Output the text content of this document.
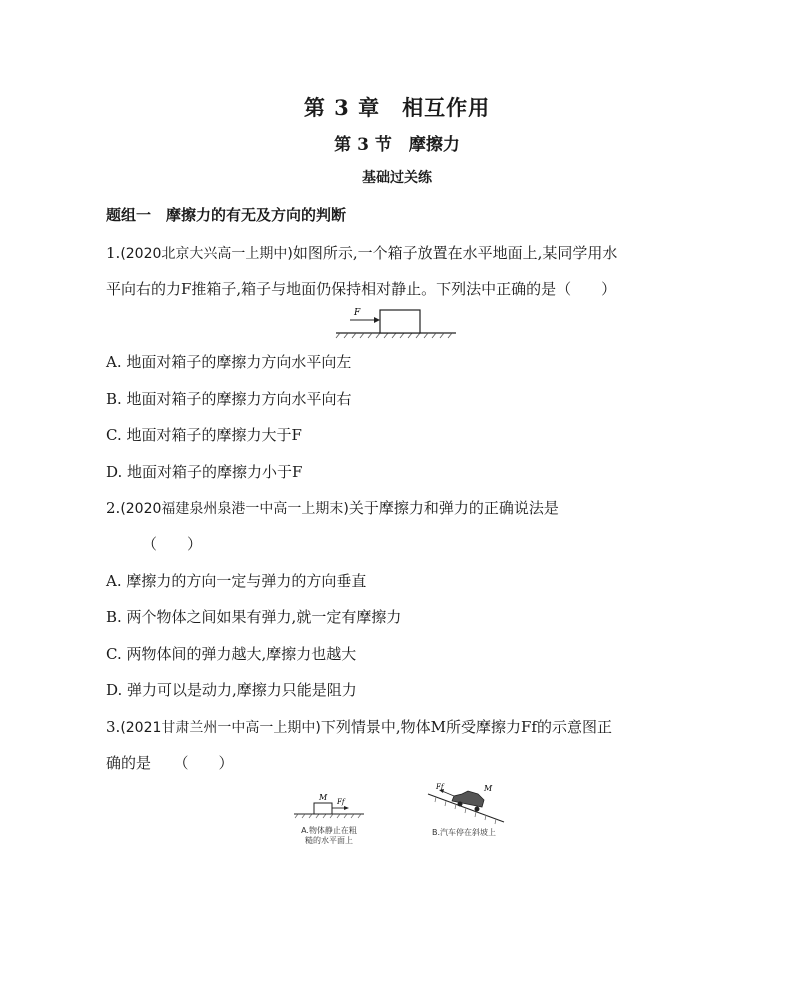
第 3 章　相互作用
第 3 节　摩擦力
基础过关练
题组一　摩擦力的有无及方向的判断
1.(2020北京大兴高一上期中)如图所示,一个箱子放置在水平地面上,某同学用水
平向右的力F推箱子,箱子与地面仍保持相对静止。下列法中正确的是（　　）
F
A. 地面对箱子的摩擦力方向水平向左
B. 地面对箱子的摩擦力方向水平向右
C. 地面对箱子的摩擦力大于F
D. 地面对箱子的摩擦力小于F
2.(2020福建泉州泉港一中高一上期末)关于摩擦力和弹力的正确说法是
（　　）
A. 摩擦力的方向一定与弹力的方向垂直
B. 两个物体之间如果有弹力,就一定有摩擦力
C. 两物体间的弹力越大,摩擦力也越大
D. 弹力可以是动力,摩擦力只能是阻力
3.(2021甘肃兰州一中高一上期中)下列情景中,物体M所受摩擦力Ff的示意图正
确的是　　（　　）
M Ff
A.物体静止在粗
糙的水平面上
Ff	M
B.汽车停在斜坡上
